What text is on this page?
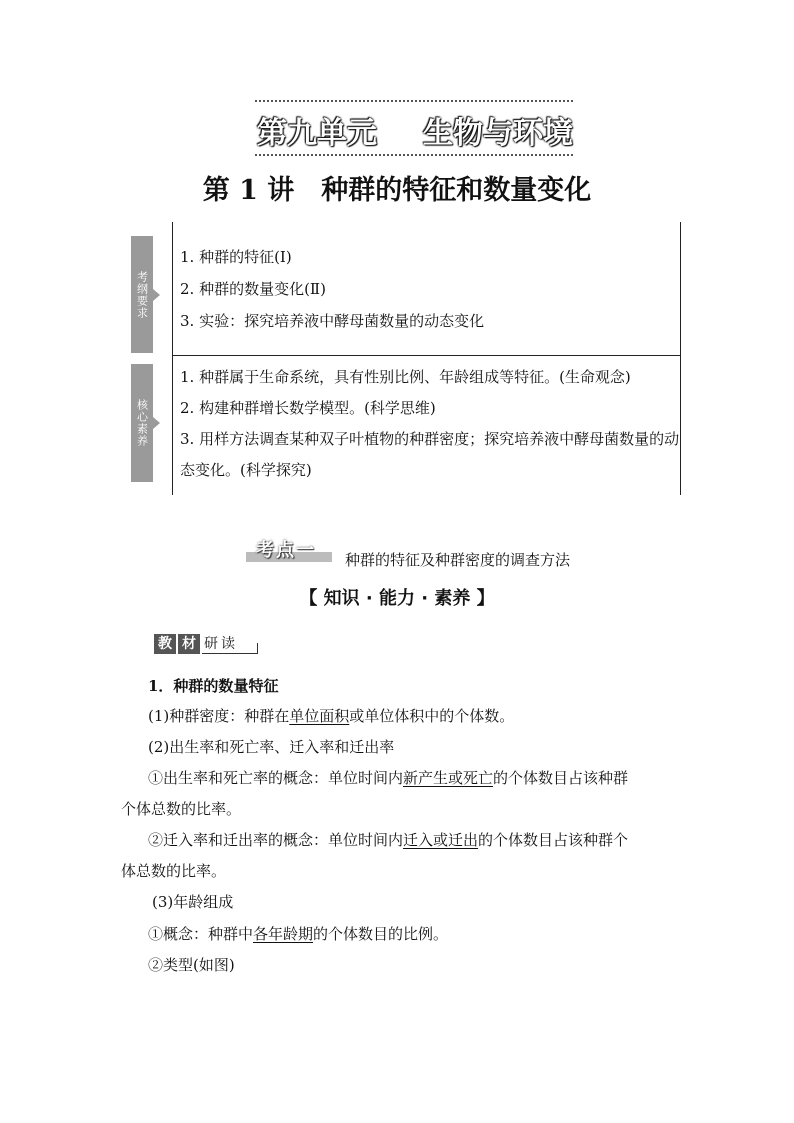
第九单元 生物与环境
第 1 讲　种群的特征和数量变化
考纲要求
1. 种群的特征(Ⅰ)
2. 种群的数量变化(Ⅱ)
3. 实验：探究培养液中酵母菌数量的动态变化
核心素养
1. 种群属于生命系统，具有性别比例、年龄组成等特征。(生命观念)
2. 构建种群增长数学模型。(科学思维)
3. 用样方法调查某种双子叶植物的种群密度；探究培养液中酵母菌数量的动态变化。(科学探究)
考点一	种群的特征及种群密度的调查方法
【 知识 · 能力 · 素养 】
教 材 研读
1．种群的数量特征
(1)种群密度：种群在单位面积或单位体积中的个体数。
(2)出生率和死亡率、迁入率和迁出率
①出生率和死亡率的概念：单位时间内新产生或死亡的个体数目占该种群
个体总数的比率。
②迁入率和迁出率的概念：单位时间内迁入或迁出的个体数目占该种群个
体总数的比率。
(3)年龄组成
①概念：种群中各年龄期的个体数目的比例。
②类型(如图)
